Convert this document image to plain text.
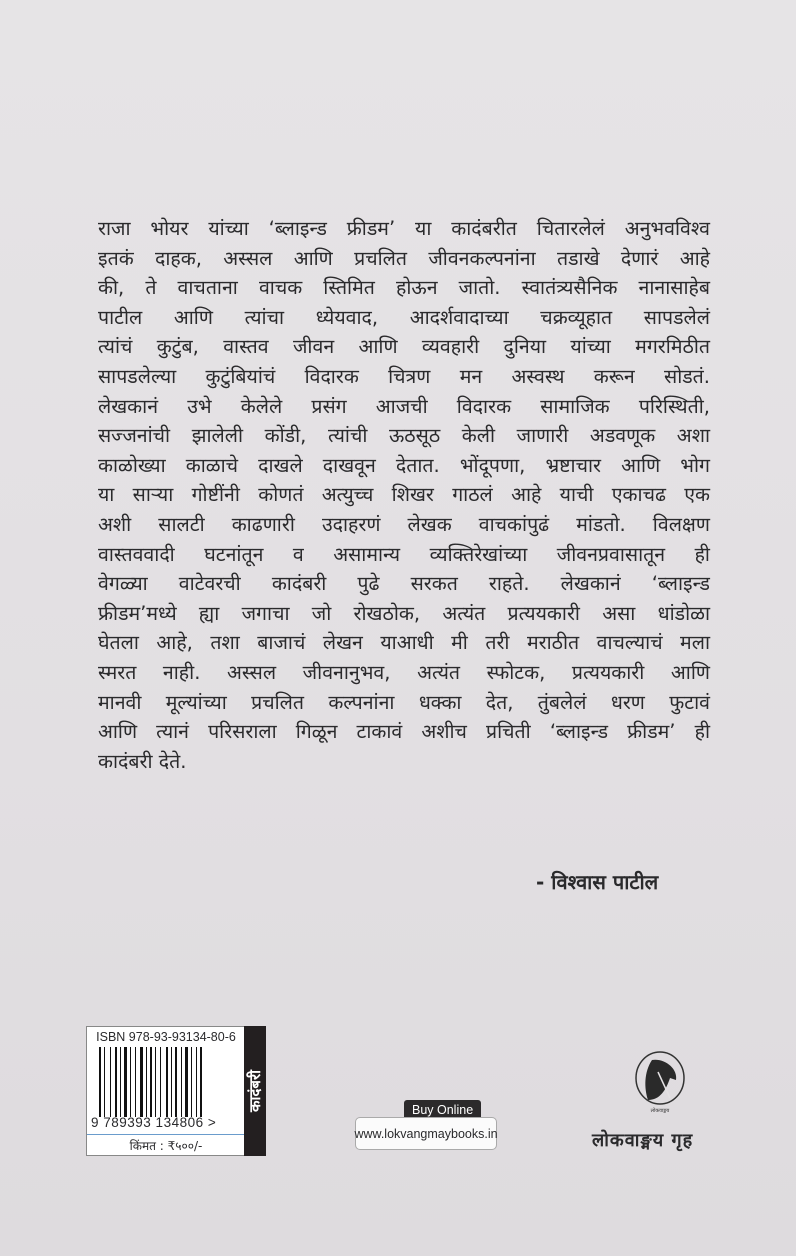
राजा भोयर यांच्या ‘ब्लाइन्ड फ्रीडम’ या कादंबरीत चितारलेलं अनुभवविश्व
इतकं दाहक, अस्सल आणि प्रचलित जीवनकल्पनांना तडाखे देणारं आहे
की, ते वाचताना वाचक स्तिमित होऊन जातो. स्वातंत्र्यसैनिक नानासाहेब
पाटील आणि त्यांचा ध्येयवाद, आदर्शवादाच्या चक्रव्यूहात सापडलेलं
त्यांचं कुटुंब, वास्तव जीवन आणि व्यवहारी दुनिया यांच्या मगरमिठीत
सापडलेल्या कुटुंबियांचं विदारक चित्रण मन अस्वस्थ करून सोडतं.
लेखकानं उभे केलेले प्रसंग आजची विदारक सामाजिक परिस्थिती,
सज्जनांची झालेली कोंडी, त्यांची ऊठसूठ केली जाणारी अडवणूक अशा
काळोख्या काळाचे दाखले दाखवून देतात. भोंदूपणा, भ्रष्टाचार आणि भोग
या साऱ्या गोष्टींनी कोणतं अत्युच्च शिखर गाठलं आहे याची एकाचढ एक
अशी सालटी काढणारी उदाहरणं लेखक वाचकांपुढं मांडतो. विलक्षण
वास्तववादी घटनांतून व असामान्य व्यक्तिरेखांच्या जीवनप्रवासातून ही
वेगळ्या वाटेवरची कादंबरी पुढे सरकत राहते. लेखकानं ‘ब्लाइन्ड
फ्रीडम’मध्ये ह्या जगाचा जो रोखठोक, अत्यंत प्रत्ययकारी असा धांडोळा
घेतला आहे, तशा बाजाचं लेखन याआधी मी तरी मराठीत वाचल्याचं मला
स्मरत नाही. अस्सल जीवनानुभव, अत्यंत स्फोटक, प्रत्ययकारी आणि
मानवी मूल्यांच्या प्रचलित कल्पनांना धक्का देत, तुंबलेलं धरण फुटावं
आणि त्यानं परिसराला गिळून टाकावं अशीच प्रचिती ‘ब्लाइन्ड फ्रीडम’ ही
कादंबरी देते.
- विश्वास पाटील
ISBN 978-93-93134-80-6
9 789393 134806 >
किंमत : ₹५००/-
कादंबरी	Buy Online
www.lokvangmaybooks.in
लोकवाङ्मय
लोकवाङ्मय गृह
